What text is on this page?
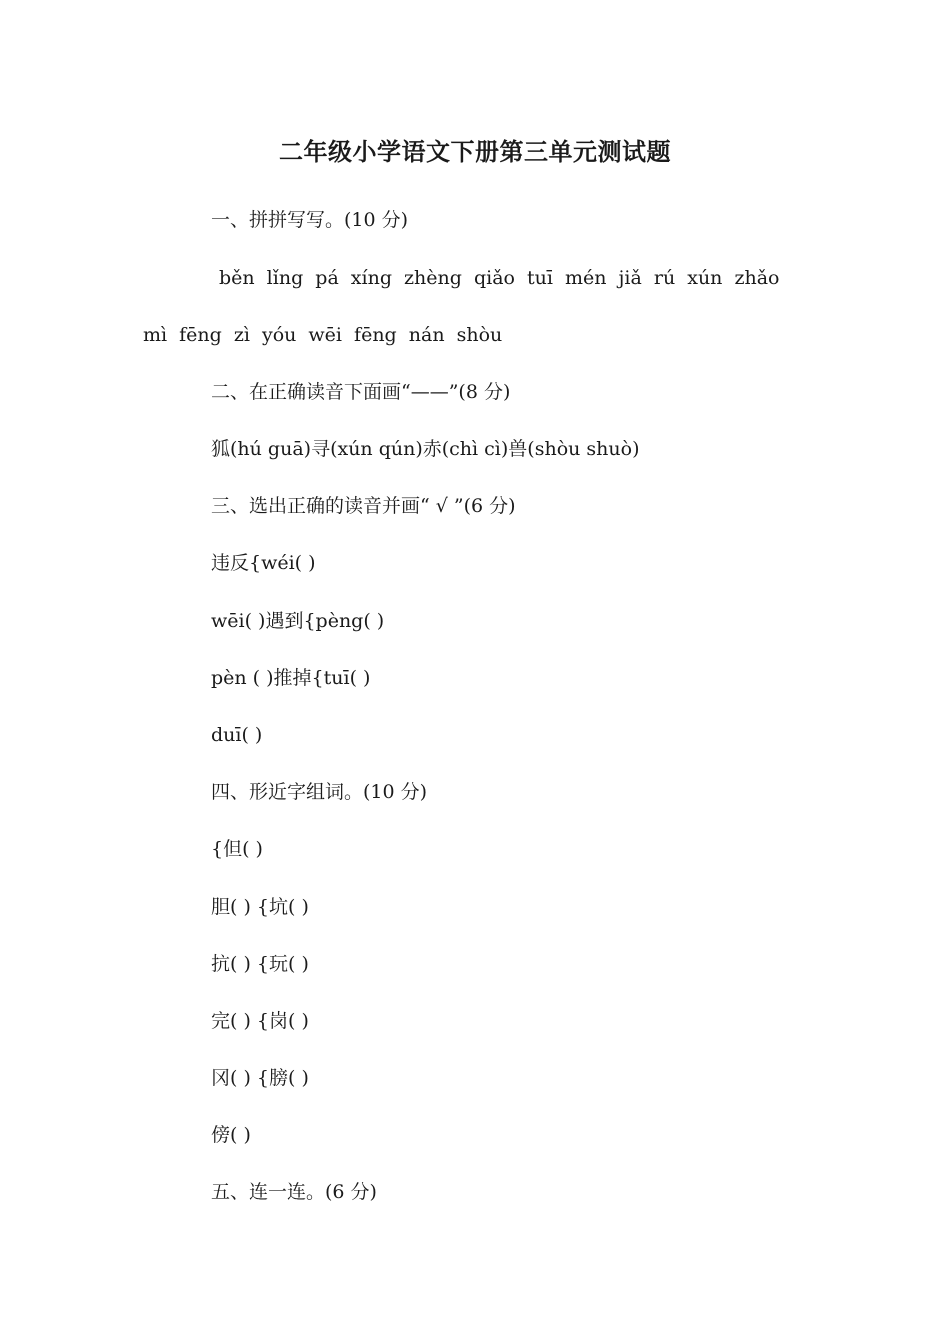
二年级小学语文下册第三单元测试题
一、拼拼写写。(10 分)
běn lǐng pá xíng zhèng qiǎo tuī mén jiǎ rú xún zhǎo
mì fēng zì yóu wēi fēng nán shòu
二、在正确读音下面画“——”(8 分)
狐(hú guā)寻(xún qún)赤(chì cì)兽(shòu shuò)
三、选出正确的读音并画“ √ ”(6 分)
违反{wéi( )
wēi( )遇到{pèng( )
pèn ( )推掉{tuī( )
duī( )
四、形近字组词。(10 分)
{但( )
胆( ) {坑( )
抗( ) {玩( )
完( ) {岗( )
冈( ) {膀( )
傍( )
五、连一连。(6 分)
